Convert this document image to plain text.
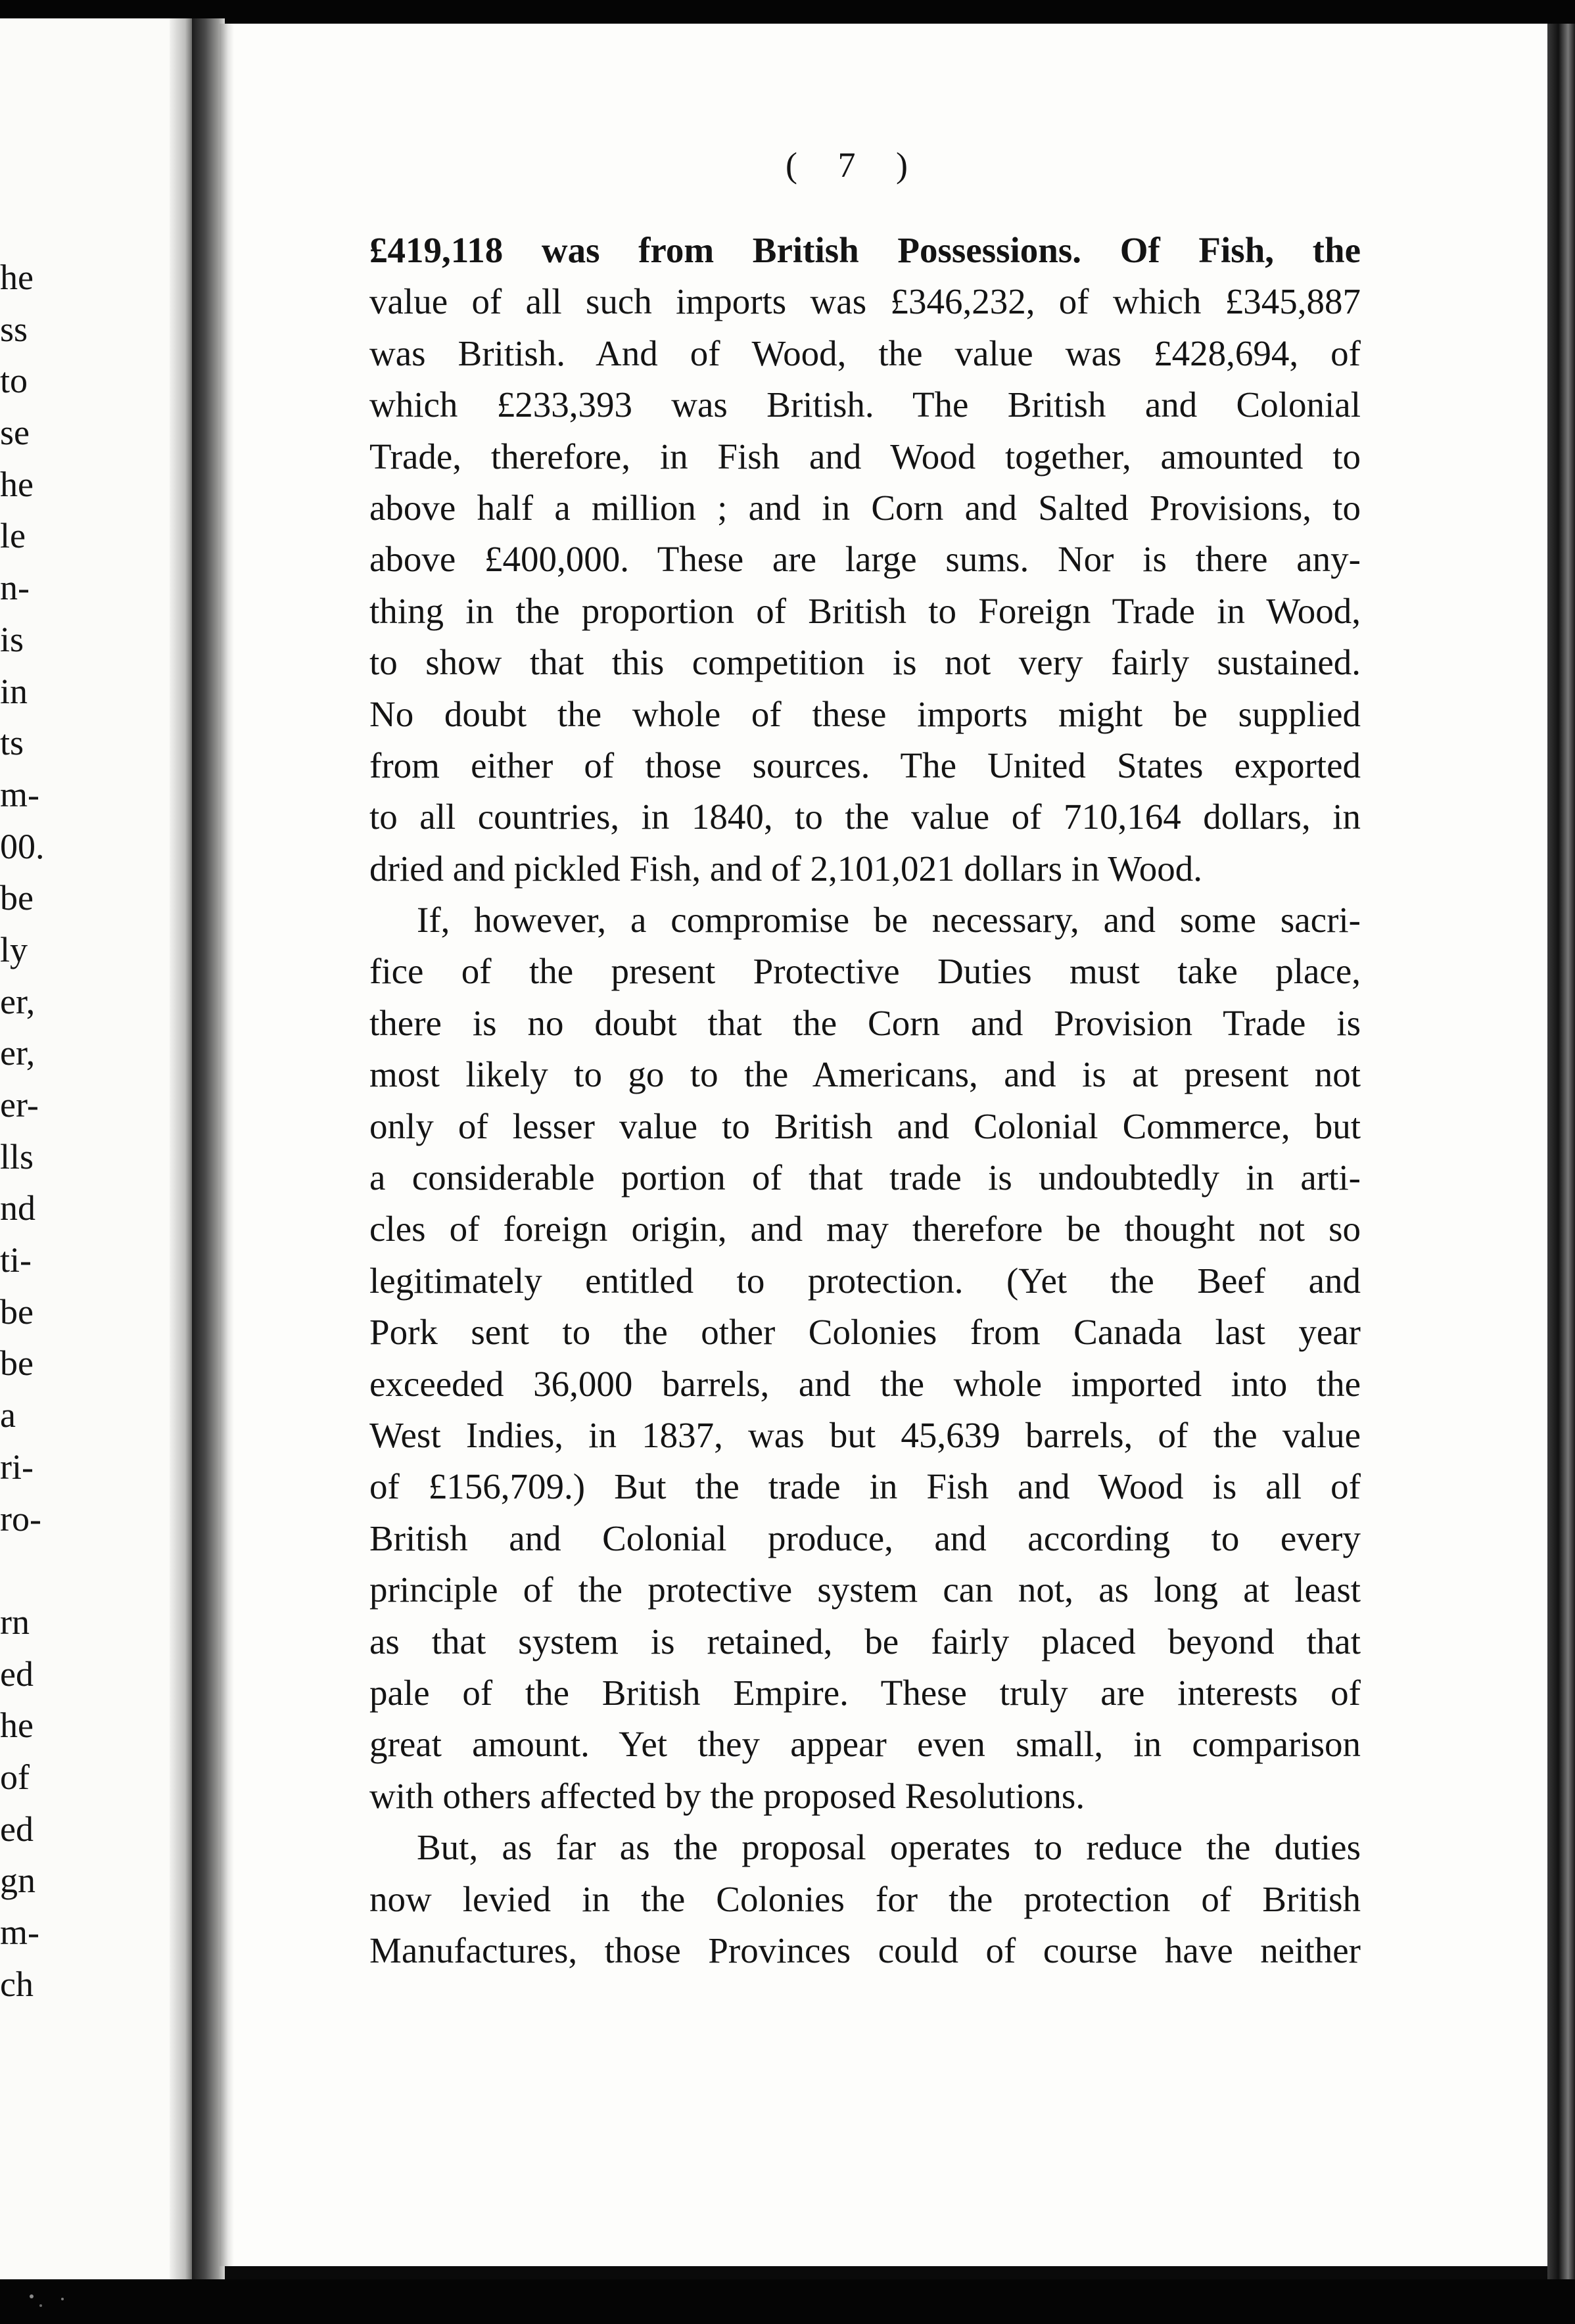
he
ss
to
se
he
le
n-
is
in
ts
m-
00.
be
ly
er,
er,
er-
lls
nd
ti-
be
be
a
ri-
ro-
rn
ed
he
of
ed
gn
m-
ch
( 7 )
£419,118 was from British Possessions. Of Fish, the
value of all such imports was £346,232, of which £345,887
was British. And of Wood, the value was £428,694, of
which £233,393 was British. The British and Colonial
Trade, therefore, in Fish and Wood together, amounted to
above half a million ; and in Corn and Salted Provisions, to
above £400,000. These are large sums. Nor is there any-
thing in the proportion of British to Foreign Trade in Wood,
to show that this competition is not very fairly sustained.
No doubt the whole of these imports might be supplied
from either of those sources. The United States exported
to all countries, in 1840, to the value of 710,164 dollars, in
dried and pickled Fish, and of 2,101,021 dollars in Wood.
If, however, a compromise be necessary, and some sacri-
fice of the present Protective Duties must take place,
there is no doubt that the Corn and Provision Trade is
most likely to go to the Americans, and is at present not
only of lesser value to British and Colonial Commerce, but
a considerable portion of that trade is undoubtedly in arti-
cles of foreign origin, and may therefore be thought not so
legitimately entitled to protection. (Yet the Beef and
Pork sent to the other Colonies from Canada last year
exceeded 36,000 barrels, and the whole imported into the
West Indies, in 1837, was but 45,639 barrels, of the value
of £156,709.) But the trade in Fish and Wood is all of
British and Colonial produce, and according to every
principle of the protective system can not, as long at least
as that system is retained, be fairly placed beyond that
pale of the British Empire. These truly are interests of
great amount. Yet they appear even small, in comparison
with others affected by the proposed Resolutions.
But, as far as the proposal operates to reduce the duties
now levied in the Colonies for the protection of British
Manufactures, those Provinces could of course have neither
